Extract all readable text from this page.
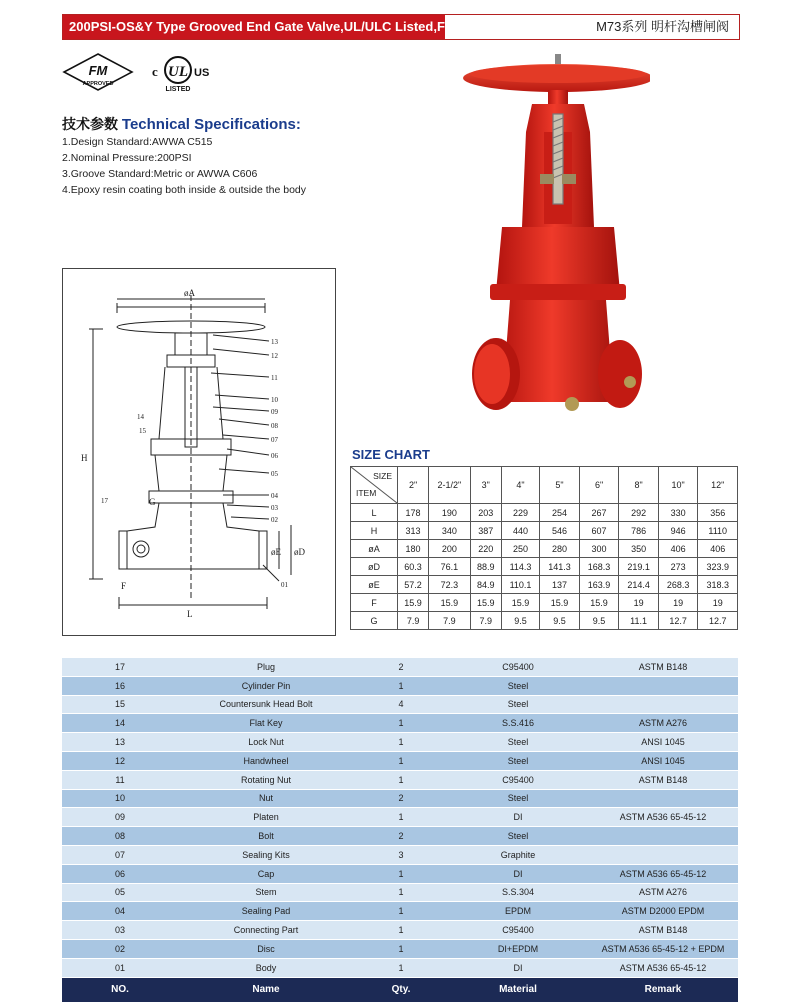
200PSI-OS&Y Type Grooved End Gate Valve,UL/ULC Listed,FM Approved	M73系列 明杆沟槽闸阀
FM
APPROVED
c UL US
LISTED
技术参数 Technical Specifications:
1.Design Standard:AWWA C515
2.Nominal Pressure:200PSI
3.Groove Standard:Metric or AWWA C606
4.Epoxy resin coating both inside & outside the body
øA
H
G
F
L
øE øD
13
12
11
10
09
08
07
06
05
04
03
02
01
14
15
17
SIZE CHART
SIZE
ITEM	2"	2-1/2"	3"	4"	5"	6"	8"	10"	12"
L	178	190	203	229	254	267	292	330	356
H	313	340	387	440	546	607	786	946	1110
øA	180	200	220	250	280	300	350	406	406
øD	60.3	76.1	88.9	114.3	141.3	168.3	219.1	273	323.9
øE	57.2	72.3	84.9	110.1	137	163.9	214.4	268.3	318.3
F	15.9	15.9	15.9	15.9	15.9	15.9	19	19	19
G	7.9	7.9	7.9	9.5	9.5	9.5	11.1	12.7	12.7
17	Plug	2	C95400	ASTM B148
16	Cylinder Pin	1	Steel	
15	Countersunk Head Bolt	4	Steel	
14	Flat Key	1	S.S.416	ASTM A276
13	Lock Nut	1	Steel	ANSI 1045
12	Handwheel	1	Steel	ANSI 1045
11	Rotating Nut	1	C95400	ASTM B148
10	Nut	2	Steel	
09	Platen	1	DI	ASTM A536 65-45-12
08	Bolt	2	Steel	
07	Sealing Kits	3	Graphite	
06	Cap	1	DI	ASTM A536 65-45-12
05	Stem	1	S.S.304	ASTM A276
04	Sealing Pad	1	EPDM	ASTM D2000 EPDM
03	Connecting Part	1	C95400	ASTM B148
02	Disc	1	DI+EPDM	ASTM A536 65-45-12 + EPDM
01	Body	1	DI	ASTM A536 65-45-12
NO.	Name	Qty.	Material	Remark
